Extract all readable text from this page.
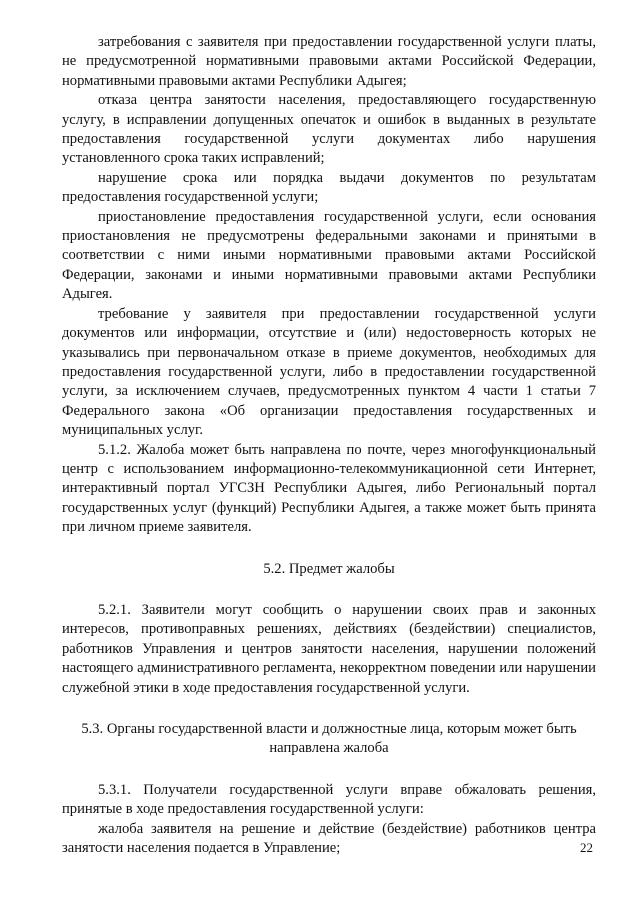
затребования с заявителя при предоставлении государственной услуги платы, не предусмотренной нормативными правовыми актами Российской Федерации, нормативными правовыми актами Республики Адыгея;

отказа центра занятости населения, предоставляющего государственную услугу, в исправлении допущенных опечаток и ошибок в выданных в результате предоставления государственной услуги документах либо нарушения установленного срока таких исправлений;

нарушение срока или порядка выдачи документов по результатам предоставления государственной услуги;

приостановление предоставления государственной услуги, если основания приостановления не предусмотрены федеральными законами и принятыми в соответствии с ними иными нормативными правовыми актами Российской Федерации, законами и иными нормативными правовыми актами Республики Адыгея.

требование у заявителя при предоставлении государственной услуги документов или информации, отсутствие и (или) недостоверность которых не указывались при первоначальном отказе в приеме документов, необходимых для предоставления государственной услуги, либо в предоставлении государственной услуги, за исключением случаев, предусмотренных пунктом 4 части 1 статьи 7 Федерального закона «Об организации предоставления государственных и муниципальных услуг.

5.1.2. Жалоба может быть направлена по почте, через многофункциональный центр с использованием информационно-телекоммуникационной сети Интернет, интерактивный портал УГСЗН Республики Адыгея, либо Региональный портал государственных услуг (функций) Республики Адыгея, а также может быть принята при личном приеме заявителя.

5.2. Предмет жалобы

5.2.1. Заявители могут сообщить о нарушении своих прав и законных интересов, противоправных решениях, действиях (бездействии) специалистов, работников Управления и центров занятости населения, нарушении положений настоящего административного регламента, некорректном поведении или нарушении служебной этики в ходе предоставления государственной услуги.

5.3. Органы государственной власти и должностные лица, которым может быть
направлена жалоба

5.3.1. Получатели государственной услуги вправе обжаловать решения, принятые в ходе предоставления государственной услуги:

жалоба заявителя на решение и действие (бездействие) работников центра занятости населения подается в Управление;	22
